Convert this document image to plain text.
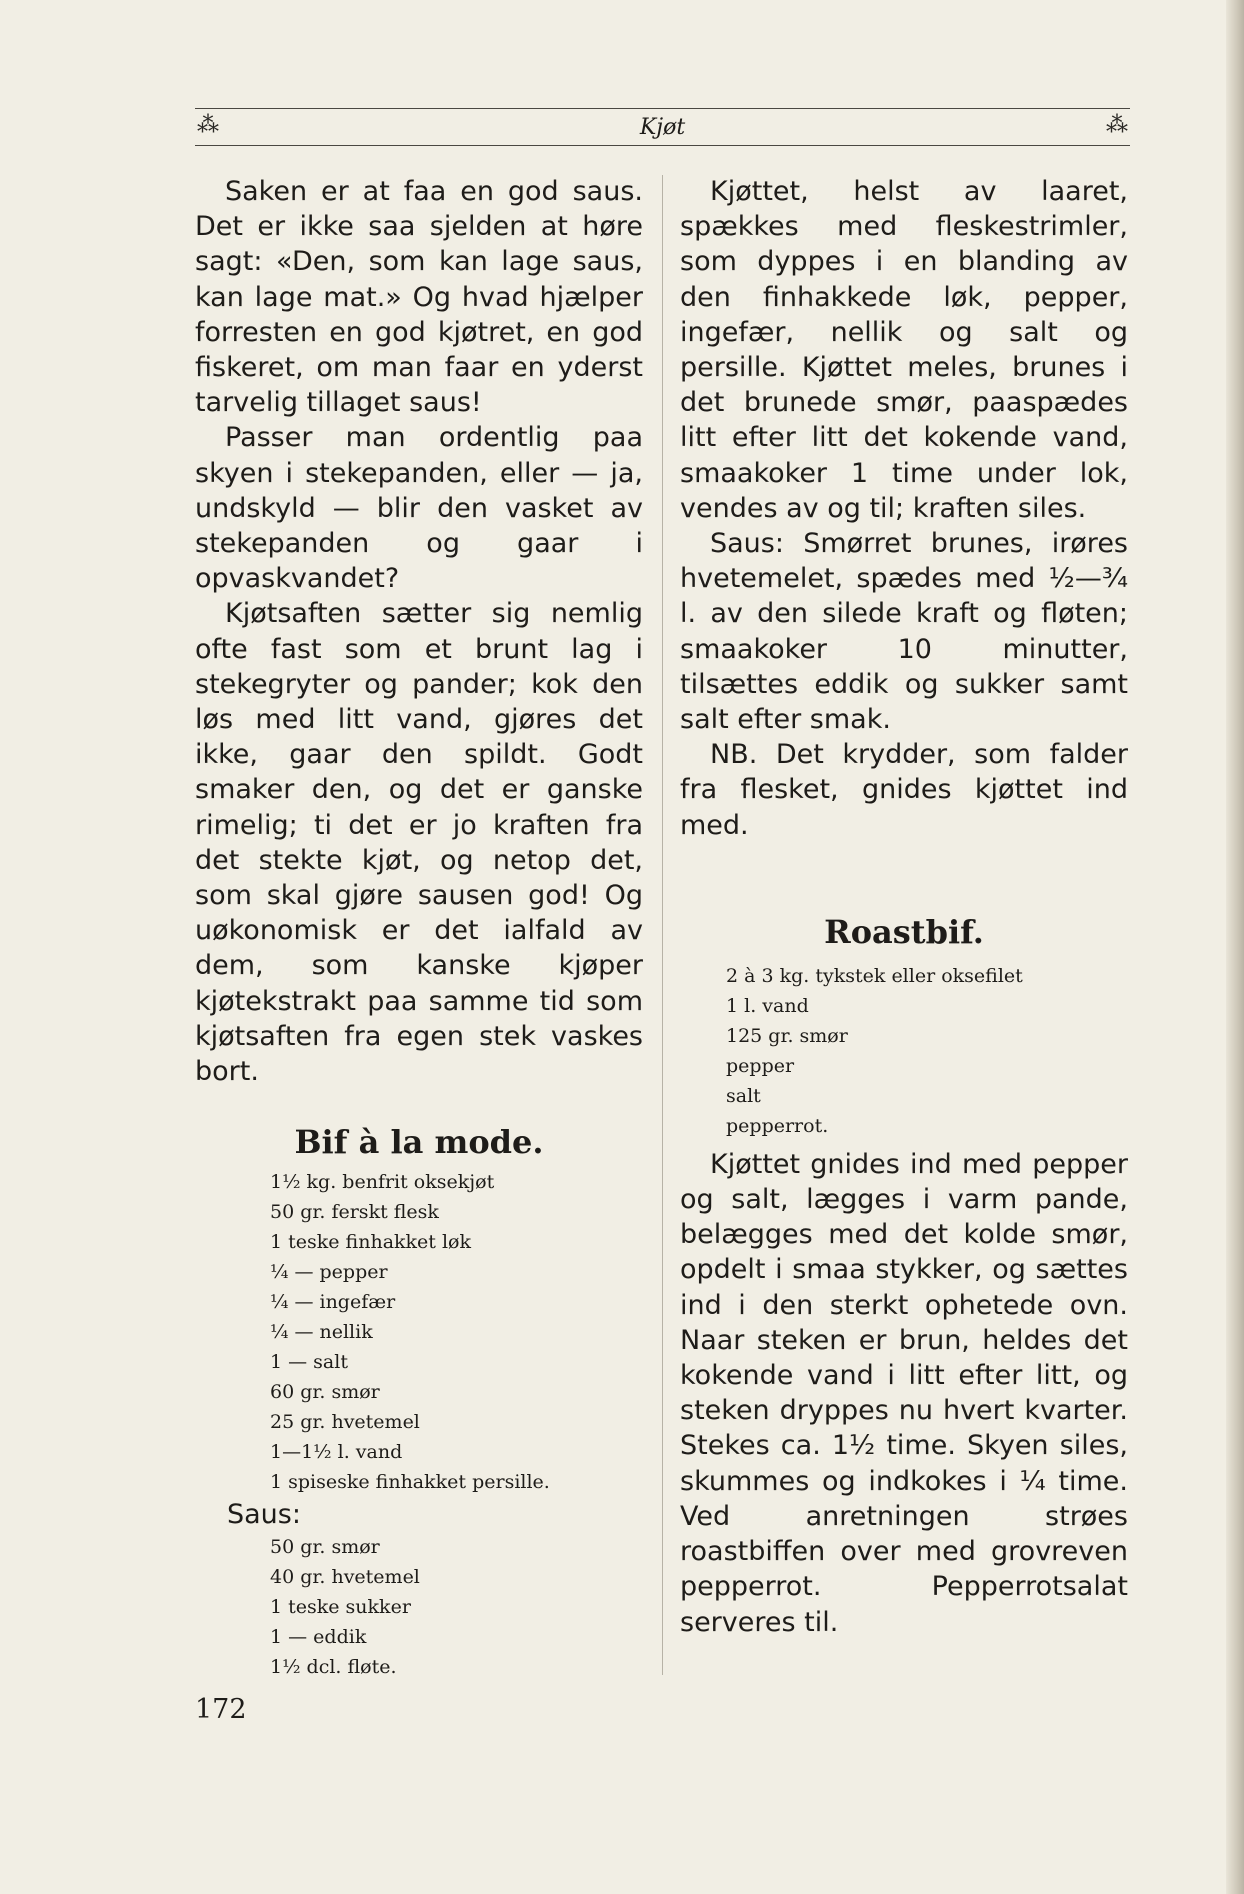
⁂	Kjøt	⁂

Saken er at faa en god saus. Det er ikke saa sjelden at høre sagt: «Den, som kan lage saus, kan lage mat.» Og hvad hjælper forresten en god kjøtret, en god fiskeret, om man faar en yderst tarvelig tillaget saus!

Passer man ordentlig paa skyen i stekepanden, eller — ja, undskyld — blir den vasket av stekepanden og gaar i opvaskvandet?

Kjøtsaften sætter sig nemlig ofte fast som et brunt lag i stekegryter og pander; kok den løs med litt vand, gjøres det ikke, gaar den spildt. Godt smaker den, og det er ganske rimelig; ti det er jo kraften fra det stekte kjøt, og netop det, som skal gjøre sausen god! Og uøkonomisk er det ialfald av dem, som kanske kjøper kjøtekstrakt paa samme tid som kjøtsaften fra egen stek vaskes bort.

Bif à la mode.
1½ kg. benfrit oksekjøt
50 gr. ferskt flesk
1 teske finhakket løk
¼ — pepper
¼ — ingefær
¼ — nellik
1 — salt
60 gr. smør
25 gr. hvetemel
1—1½ l. vand
1 spiseske finhakket persille.

Saus:

50 gr. smør
40 gr. hvetemel
1 teske sukker
1 — eddik
1½ dcl. fløte.

Kjøttet, helst av laaret, spækkes med fleskestrimler, som dyppes i en blanding av den finhakkede løk, pepper, ingefær, nellik og salt og persille. Kjøttet meles, brunes i det brunede smør, paaspædes litt efter litt det kokende vand, smaakoker 1 time under lok, vendes av og til; kraften siles.

Saus: Smørret brunes, irøres hvetemelet, spædes med ½—¾ l. av den silede kraft og fløten; smaakoker 10 minutter, tilsættes eddik og sukker samt salt efter smak.

NB. Det krydder, som falder fra flesket, gnides kjøttet ind med.

Roastbif.
2 à 3 kg. tykstek eller oksefilet
1 l. vand
125 gr. smør
pepper
salt
pepperrot.

Kjøttet gnides ind med pepper og salt, lægges i varm pande, belægges med det kolde smør, opdelt i smaa stykker, og sættes ind i den sterkt ophetede ovn. Naar steken er brun, heldes det kokende vand i litt efter litt, og steken dryppes nu hvert kvarter. Stekes ca. 1½ time. Skyen siles, skummes og indkokes i ¼ time. Ved anretningen strøes roastbiffen over med grovreven pepperrot. Pepperrotsalat serveres til.

172
